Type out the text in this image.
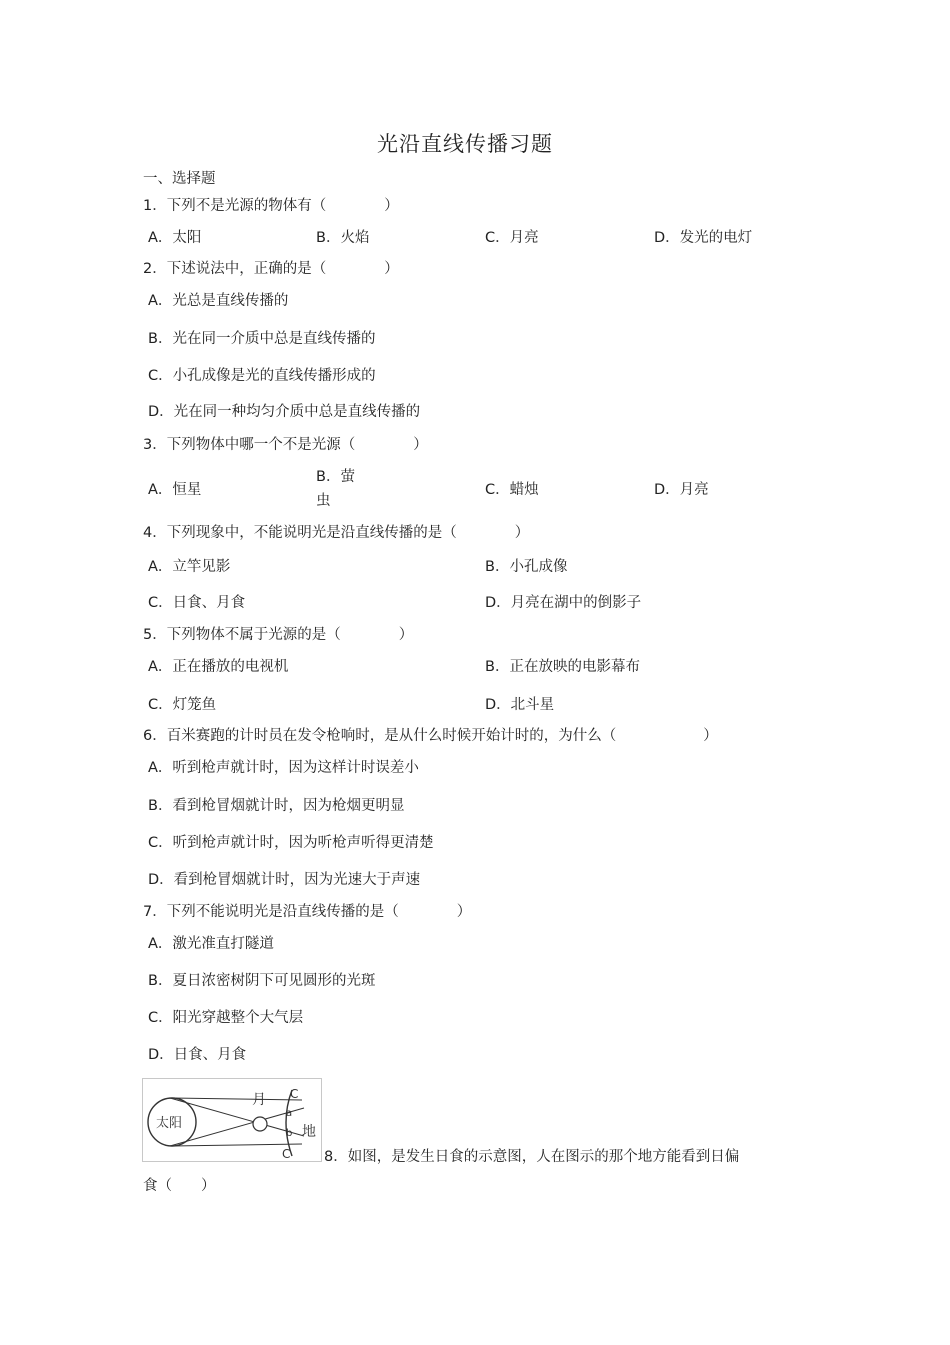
光沿直线传播习题
一、选择题
1．下列不是光源的物体有（　　　　）
A．太阳	B．火焰	C．月亮	D．发光的电灯
2．下述说法中，正确的是（　　　　）
A．光总是直线传播的
B．光在同一介质中总是直线传播的
C．小孔成像是光的直线传播形成的
D．光在同一种均匀介质中总是直线传播的
3．下列物体中哪一个不是光源（　　　　）
A．恒星
B．萤
虫
C．蜡烛	D．月亮
4．下列现象中，不能说明光是沿直线传播的是（　　　　）
A．立竿见影	B．小孔成像
C．日食、月食	D．月亮在湖中的倒影子
5．下列物体不属于光源的是（　　　　）
A．正在播放的电视机	B．正在放映的电影幕布
C．灯笼鱼	D．北斗星
6．百米赛跑的计时员在发令枪响时，是从什么时候开始计时的，为什么（　　　　　　）
A．听到枪声就计时，因为这样计时误差小
B．看到枪冒烟就计时，因为枪烟更明显
C．听到枪声就计时，因为听枪声听得更清楚
D．看到枪冒烟就计时，因为光速大于声速
7．下列不能说明光是沿直线传播的是（　　　　）
A．激光准直打隧道
B．夏日浓密树阴下可见圆形的光斑
C．阳光穿越整个大气层
D．日食、月食
太阳
月
地
a
b
C
C 8．如图，是发生日食的示意图，人在图示的那个地方能看到日偏
食（　　）
